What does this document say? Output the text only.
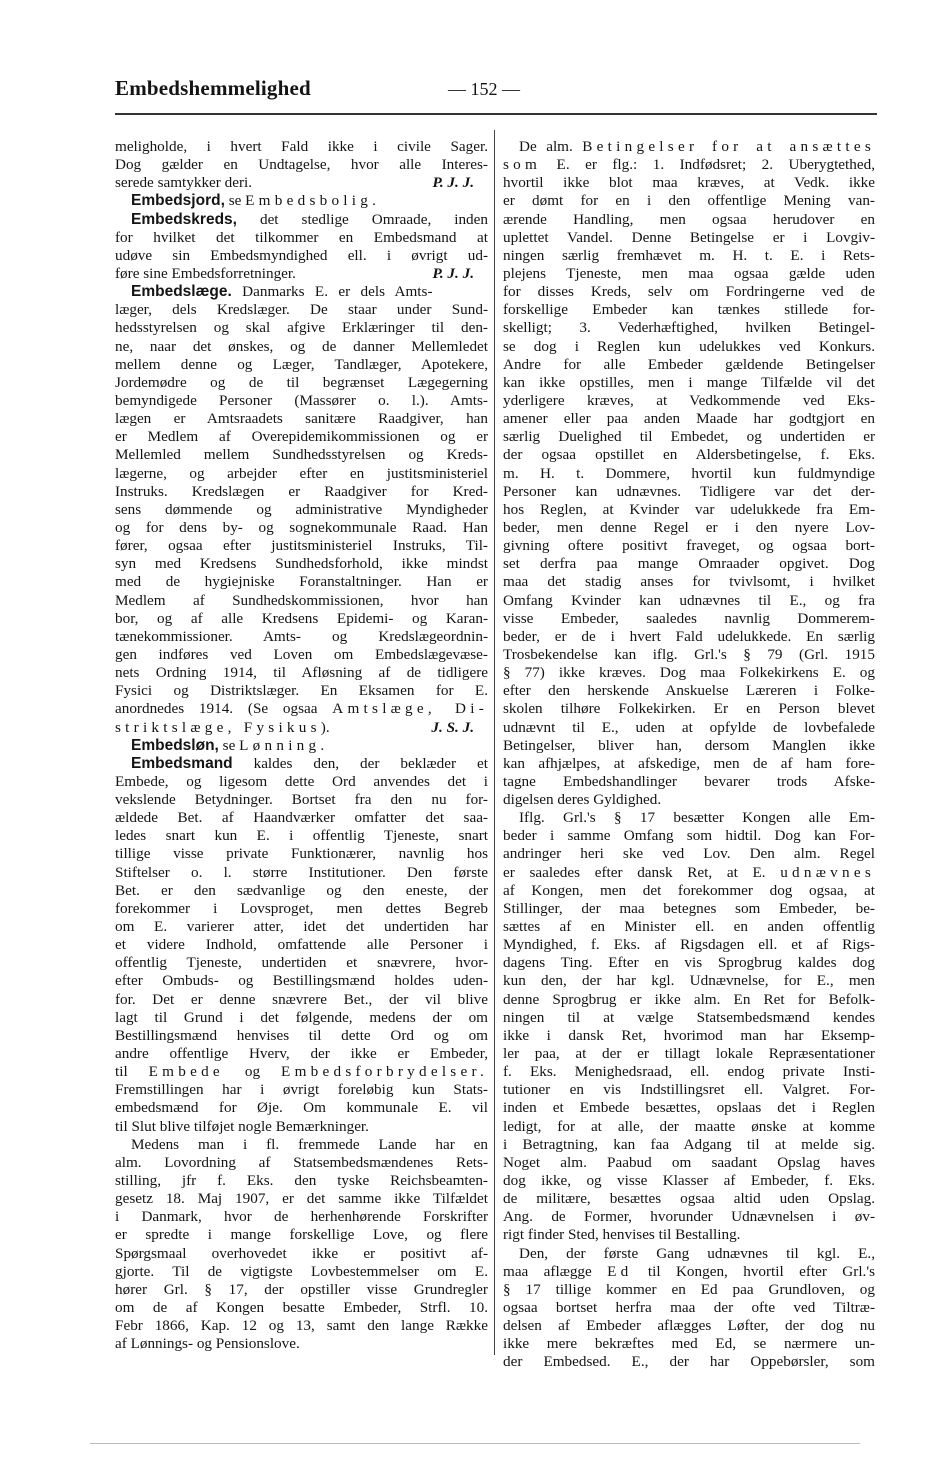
Embedshemmelighed	— 152 —
meligholde, i hvert Fald ikke i civile Sager.
Dog gælder en Undtagelse, hvor alle Interes-
serede samtykker deri.	P. J. J.
Embedsjord, se Embedsbolig.
Embedskreds, det stedlige Omraade, inden
for hvilket det tilkommer en Embedsmand at
udøve sin Embedsmyndighed ell. i øvrigt ud-
føre sine Embedsforretninger.	P. J. J.
Embedslæge. Danmarks E. er dels Amts-
læger, dels Kredslæger. De staar under Sund-
hedsstyrelsen og skal afgive Erklæringer til den-
ne, naar det ønskes, og de danner Mellemledet
mellem denne og Læger, Tandlæger, Apotekere,
Jordemødre og de til begrænset Lægegerning
bemyndigede Personer (Massører o. l.). Amts-
lægen er Amtsraadets sanitære Raadgiver, han
er Medlem af Overepidemikommissionen og er
Mellemled mellem Sundhedsstyrelsen og Kreds-
lægerne, og arbejder efter en justitsministeriel
Instruks. Kredslægen er Raadgiver for Kred-
sens dømmende og administrative Myndigheder
og for dens by- og sognekommunale Raad. Han
fører, ogsaa efter justitsministeriel Instruks, Til-
syn med Kredsens Sundhedsforhold, ikke mindst
med de hygiejniske Foranstaltninger. Han er
Medlem af Sundhedskommissionen, hvor han
bor, og af alle Kredsens Epidemi- og Karan-
tænekommissioner. Amts- og Kredslægeordnin-
gen indføres ved Loven om Embedslægevæse-
nets Ordning 1914, til Afløsning af de tidligere
Fysici og Distriktslæger. En Eksamen for E.
anordnedes 1914. (Se ogsaa Amtslæge, Di-
striktslæge, Fysikus).	J. S. J.
Embedsløn, se Lønning.
Embedsmand kaldes den, der beklæder et
Embede, og ligesom dette Ord anvendes det i
vekslende Betydninger. Bortset fra den nu for-
ældede Bet. af Haandværker omfatter det saa-
ledes snart kun E. i offentlig Tjeneste, snart
tillige visse private Funktionærer, navnlig hos
Stiftelser o. l. større Institutioner. Den første
Bet. er den sædvanlige og den eneste, der
forekommer i Lovsproget, men dettes Begreb
om E. varierer atter, idet det undertiden har
et videre Indhold, omfattende alle Personer i
offentlig Tjeneste, undertiden et snævrere, hvor-
efter Ombuds- og Bestillingsmænd holdes uden-
for. Det er denne snævrere Bet., der vil blive
lagt til Grund i det følgende, medens der om
Bestillingsmænd henvises til dette Ord og om
andre offentlige Hverv, der ikke er Embeder,
til Embede og Embedsforbrydelser.
Fremstillingen har i øvrigt foreløbig kun Stats-
embedsmænd for Øje. Om kommunale E. vil
til Slut blive tilføjet nogle Bemærkninger.
Medens man i fl. fremmede Lande har en
alm. Lovordning af Statsembedsmændenes Rets-
stilling, jfr f. Eks. den tyske Reichsbeamten-
gesetz 18. Maj 1907, er det samme ikke Tilfældet
i Danmark, hvor de herhenhørende Forskrifter
er spredte i mange forskellige Love, og flere
Spørgsmaal overhovedet ikke er positivt af-
gjorte. Til de vigtigste Lovbestemmelser om E.
hører Grl. § 17, der opstiller visse Grundregler
om de af Kongen besatte Embeder, Strfl. 10.
Febr 1866, Kap. 12 og 13, samt den lange Række
af Lønnings- og Pensionslove.
De alm. Betingelser for at ansættes
som E. er flg.: 1. Indfødsret; 2. Uberygtethed,
hvortil ikke blot maa kræves, at Vedk. ikke
er dømt for en i den offentlige Mening van-
ærende Handling, men ogsaa herudover en
uplettet Vandel. Denne Betingelse er i Lovgiv-
ningen særlig fremhævet m. H. t. E. i Rets-
plejens Tjeneste, men maa ogsaa gælde uden
for disses Kreds, selv om Fordringerne ved de
forskellige Embeder kan tænkes stillede for-
skelligt; 3. Vederhæftighed, hvilken Betingel-
se dog i Reglen kun udelukkes ved Konkurs.
Andre for alle Embeder gældende Betingelser
kan ikke opstilles, men i mange Tilfælde vil det
yderligere kræves, at Vedkommende ved Eks-
amener eller paa anden Maade har godtgjort en
særlig Duelighed til Embedet, og undertiden er
der ogsaa opstillet en Aldersbetingelse, f. Eks.
m. H. t. Dommere, hvortil kun fuldmyndige
Personer kan udnævnes. Tidligere var det der-
hos Reglen, at Kvinder var udelukkede fra Em-
beder, men denne Regel er i den nyere Lov-
givning oftere positivt fraveget, og ogsaa bort-
set derfra paa mange Omraader opgivet. Dog
maa det stadig anses for tvivlsomt, i hvilket
Omfang Kvinder kan udnævnes til E., og fra
visse Embeder, saaledes navnlig Dommerem-
beder, er de i hvert Fald udelukkede. En særlig
Trosbekendelse kan iflg. Grl.'s § 79 (Grl. 1915
§ 77) ikke kræves. Dog maa Folkekirkens E. og
efter den herskende Anskuelse Læreren i Folke-
skolen tilhøre Folkekirken. Er en Person blevet
udnævnt til E., uden at opfylde de lovbefalede
Betingelser, bliver han, dersom Manglen ikke
kan afhjælpes, at afskedige, men de af ham fore-
tagne Embedshandlinger bevarer trods Afske-
digelsen deres Gyldighed.
Iflg. Grl.'s § 17 besætter Kongen alle Em-
beder i samme Omfang som hidtil. Dog kan For-
andringer heri ske ved Lov. Den alm. Regel
er saaledes efter dansk Ret, at E. udnævnes
af Kongen, men det forekommer dog ogsaa, at
Stillinger, der maa betegnes som Embeder, be-
sættes af en Minister ell. en anden offentlig
Myndighed, f. Eks. af Rigsdagen ell. et af Rigs-
dagens Ting. Efter en vis Sprogbrug kaldes dog
kun den, der har kgl. Udnævnelse, for E., men
denne Sprogbrug er ikke alm. En Ret for Befolk-
ningen til at vælge Statsembedsmænd kendes
ikke i dansk Ret, hvorimod man har Eksemp-
ler paa, at der er tillagt lokale Repræsentationer
f. Eks. Menighedsraad, ell. endog private Insti-
tutioner en vis Indstillingsret ell. Valgret. For-
inden et Embede besættes, opslaas det i Reglen
ledigt, for at alle, der maatte ønske at komme
i Betragtning, kan faa Adgang til at melde sig.
Noget alm. Paabud om saadant Opslag haves
dog ikke, og visse Klasser af Embeder, f. Eks.
de militære, besættes ogsaa altid uden Opslag.
Ang. de Former, hvorunder Udnævnelsen i øv-
rigt finder Sted, henvises til Bestalling.
Den, der første Gang udnævnes til kgl. E.,
maa aflægge Ed til Kongen, hvortil efter Grl.'s
§ 17 tillige kommer en Ed paa Grundloven, og
ogsaa bortset herfra maa der ofte ved Tiltræ-
delsen af Embeder aflægges Løfter, der dog nu
ikke mere bekræftes med Ed, se nærmere un-
der Embedsed. E., der har Oppebørsler, som
